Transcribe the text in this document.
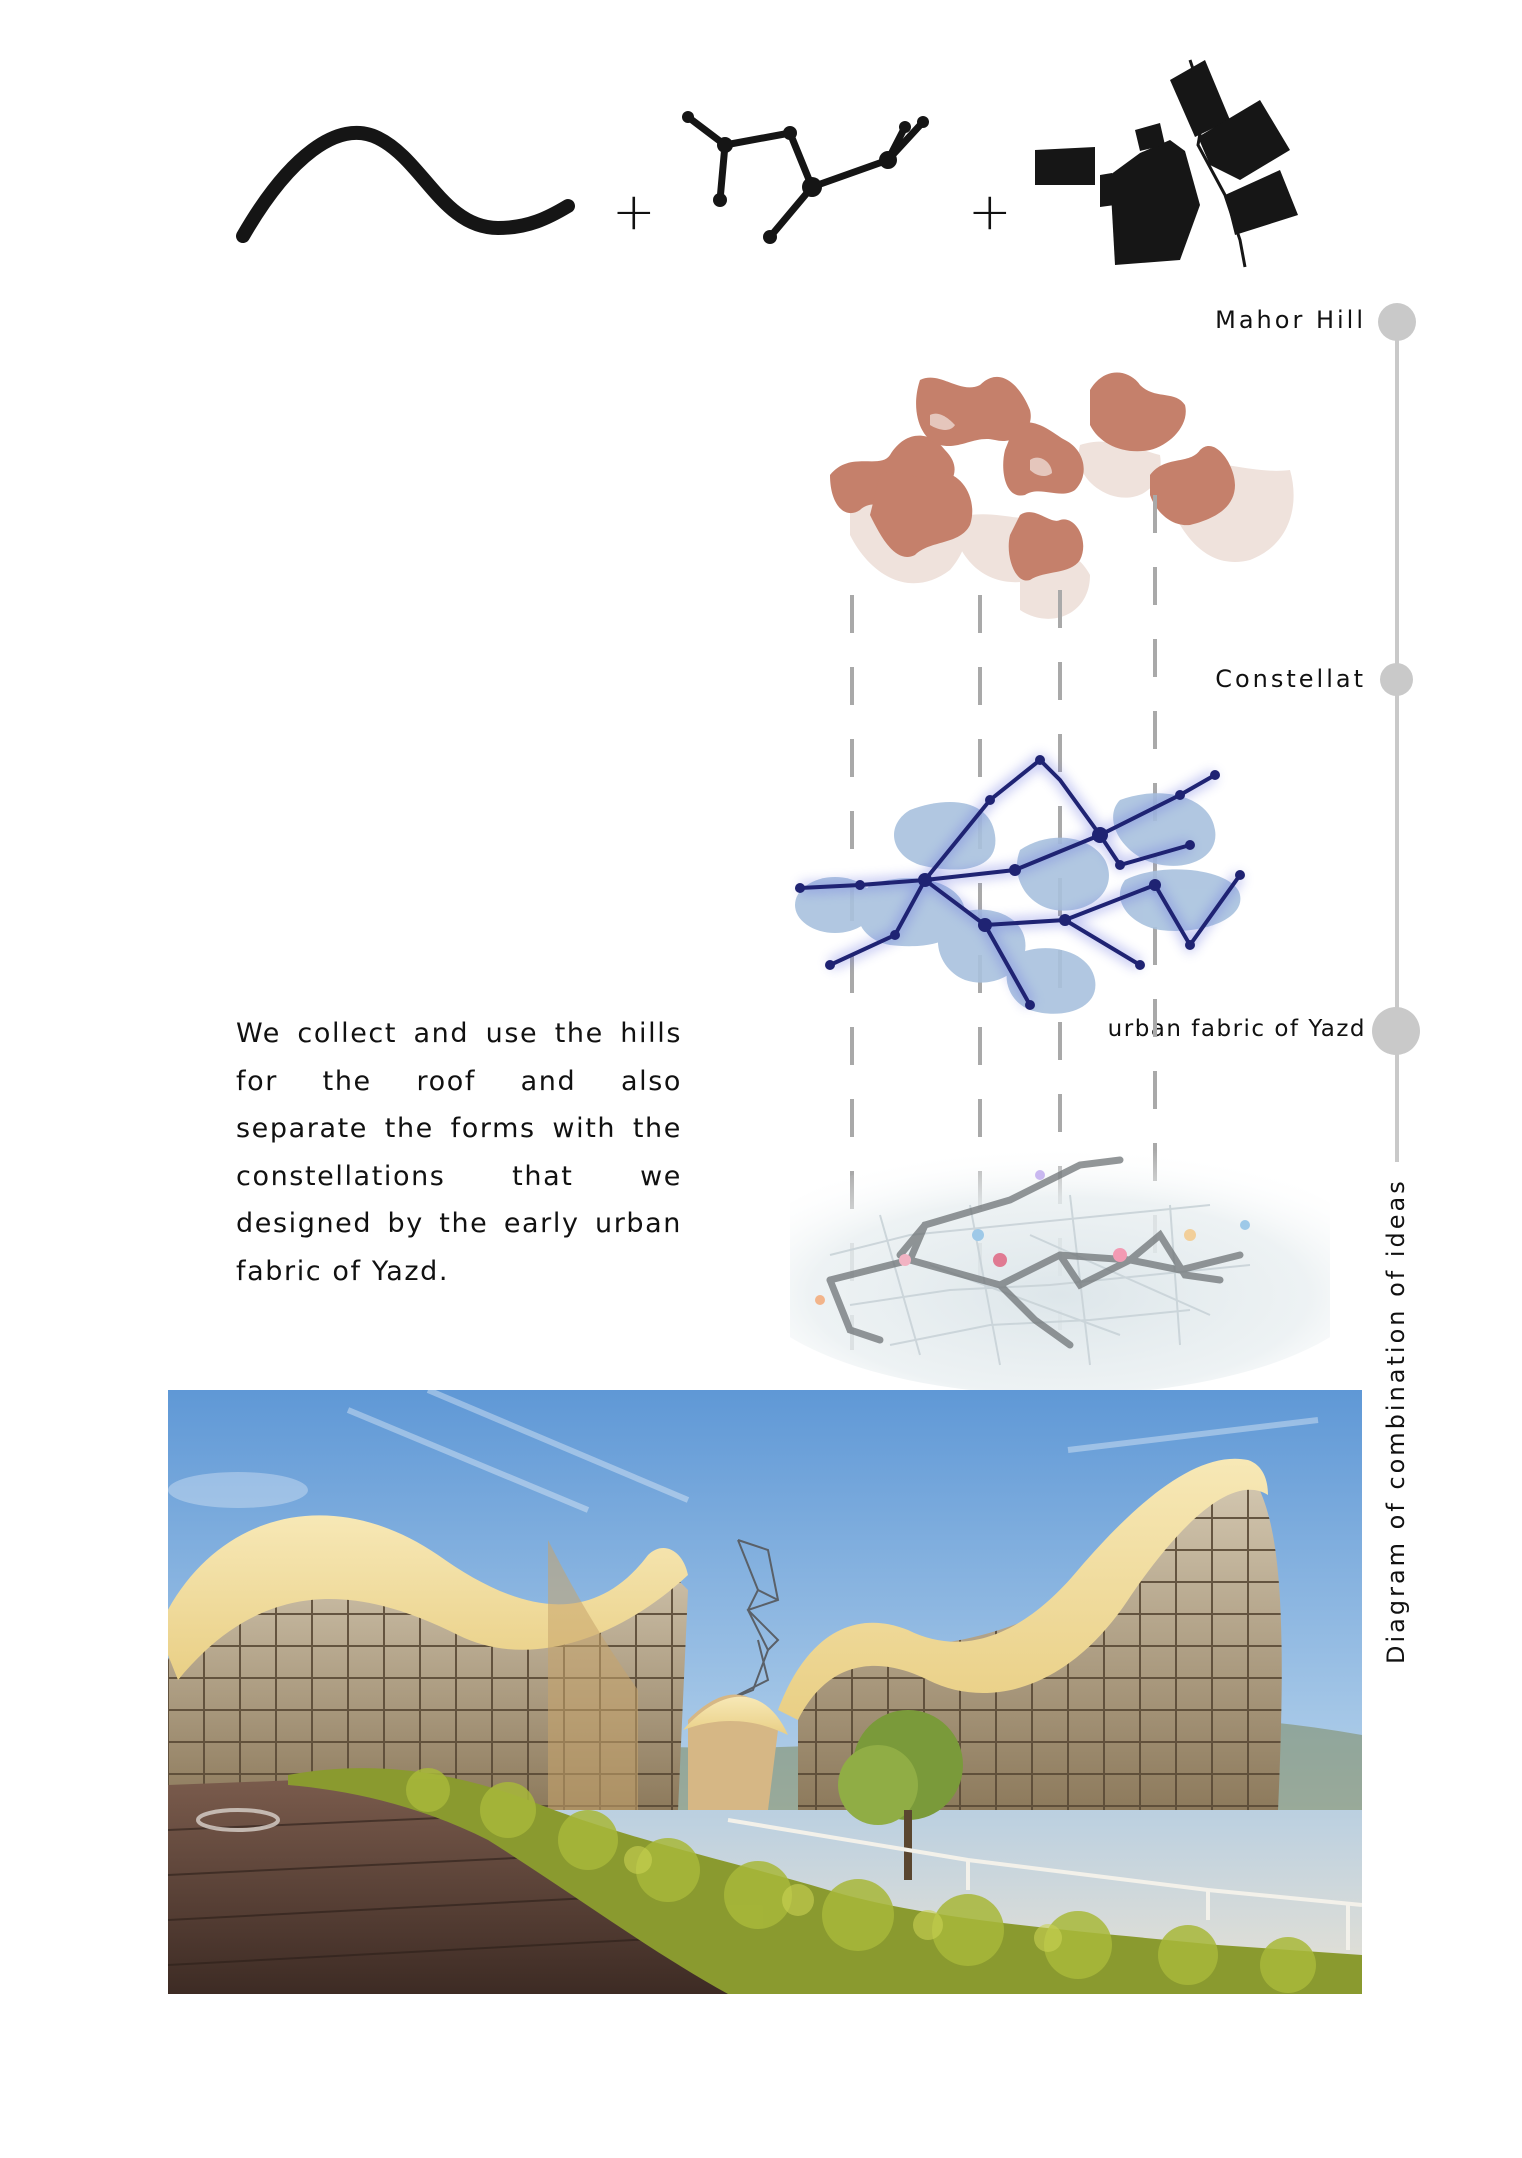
+	+
Mahor Hill
Constellat
urban fabric of Yazd
Diagram of combination of ideas
We collect and use the hills for the roof and also separate the forms with the constellations that we designed by the early urban fabric of Yazd.
